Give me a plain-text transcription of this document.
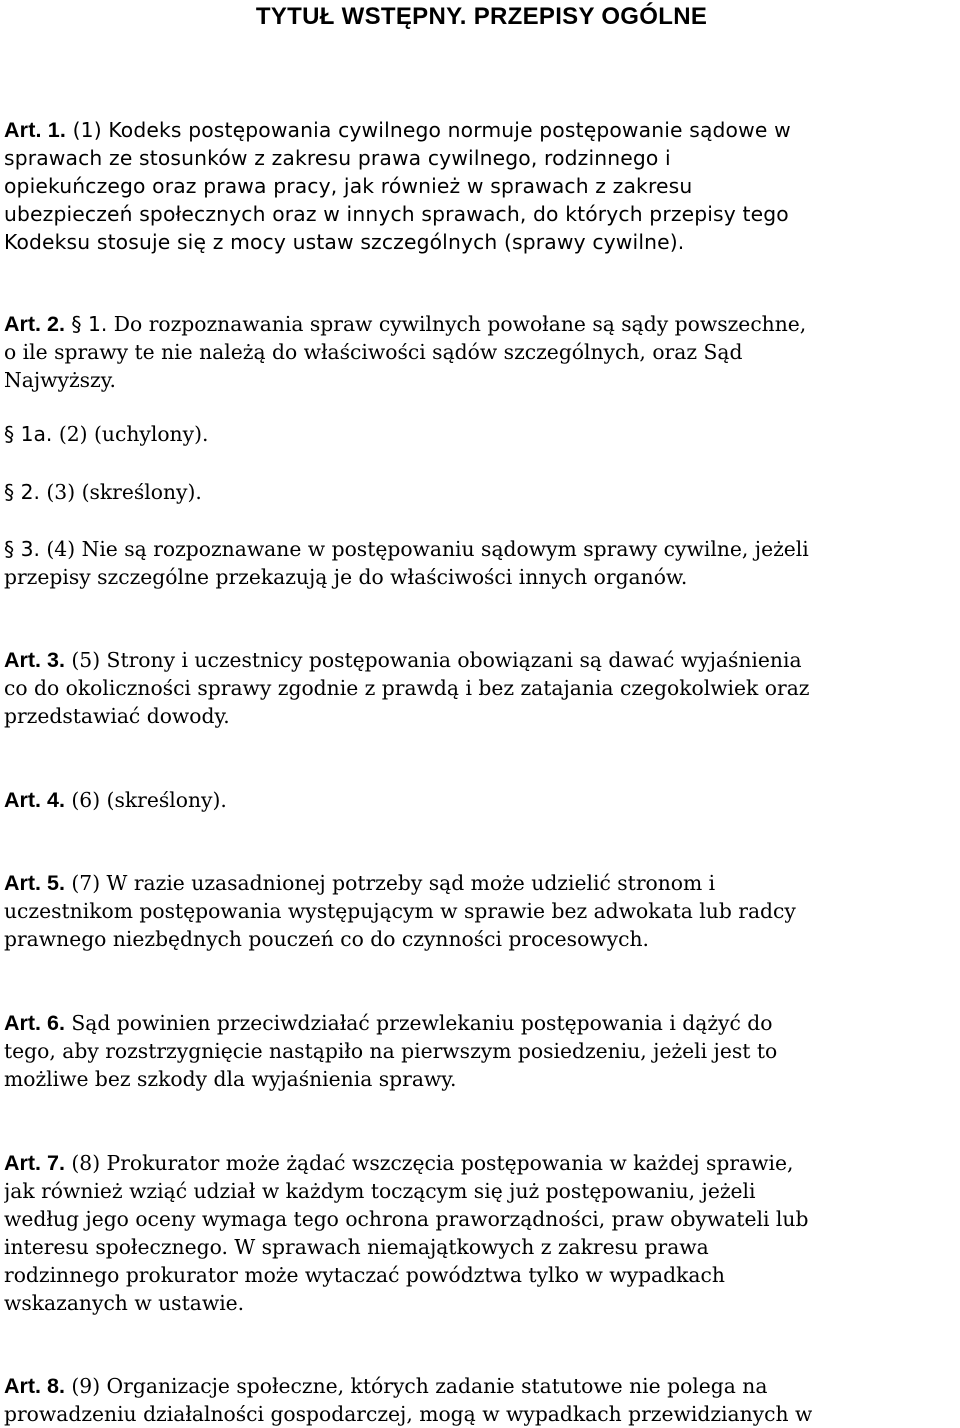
TYTUŁ WSTĘPNY. PRZEPISY OGÓLNE
Art. 1. (1) Kodeks postępowania cywilnego normuje postępowanie sądowe w
sprawach ze stosunków z zakresu prawa cywilnego, rodzinnego i
opiekuńczego oraz prawa pracy, jak również w sprawach z zakresu
ubezpieczeń społecznych oraz w innych sprawach, do których przepisy tego
Kodeksu stosuje się z mocy ustaw szczególnych (sprawy cywilne).
Art. 2. § 1. Do rozpoznawania spraw cywilnych powołane są sądy powszechne,
o ile sprawy te nie należą do właściwości sądów szczególnych, oraz Sąd
Najwyższy.
§ 1a. (2) (uchylony).
§ 2. (3) (skreślony).
§ 3. (4) Nie są rozpoznawane w postępowaniu sądowym sprawy cywilne, jeżeli
przepisy szczególne przekazują je do właściwości innych organów.
Art. 3. (5) Strony i uczestnicy postępowania obowiązani są dawać wyjaśnienia
co do okoliczności sprawy zgodnie z prawdą i bez zatajania czegokolwiek oraz
przedstawiać dowody.
Art. 4. (6) (skreślony).
Art. 5. (7) W razie uzasadnionej potrzeby sąd może udzielić stronom i
uczestnikom postępowania występującym w sprawie bez adwokata lub radcy
prawnego niezbędnych pouczeń co do czynności procesowych.
Art. 6. Sąd powinien przeciwdziałać przewlekaniu postępowania i dążyć do
tego, aby rozstrzygnięcie nastąpiło na pierwszym posiedzeniu, jeżeli jest to
możliwe bez szkody dla wyjaśnienia sprawy.
Art. 7. (8) Prokurator może żądać wszczęcia postępowania w każdej sprawie,
jak również wziąć udział w każdym toczącym się już postępowaniu, jeżeli
według jego oceny wymaga tego ochrona praworządności, praw obywateli lub
interesu społecznego. W sprawach niemajątkowych z zakresu prawa
rodzinnego prokurator może wytaczać powództwa tylko w wypadkach
wskazanych w ustawie.
Art. 8. (9) Organizacje społeczne, których zadanie statutowe nie polega na
prowadzeniu działalności gospodarczej, mogą w wypadkach przewidzianych w
